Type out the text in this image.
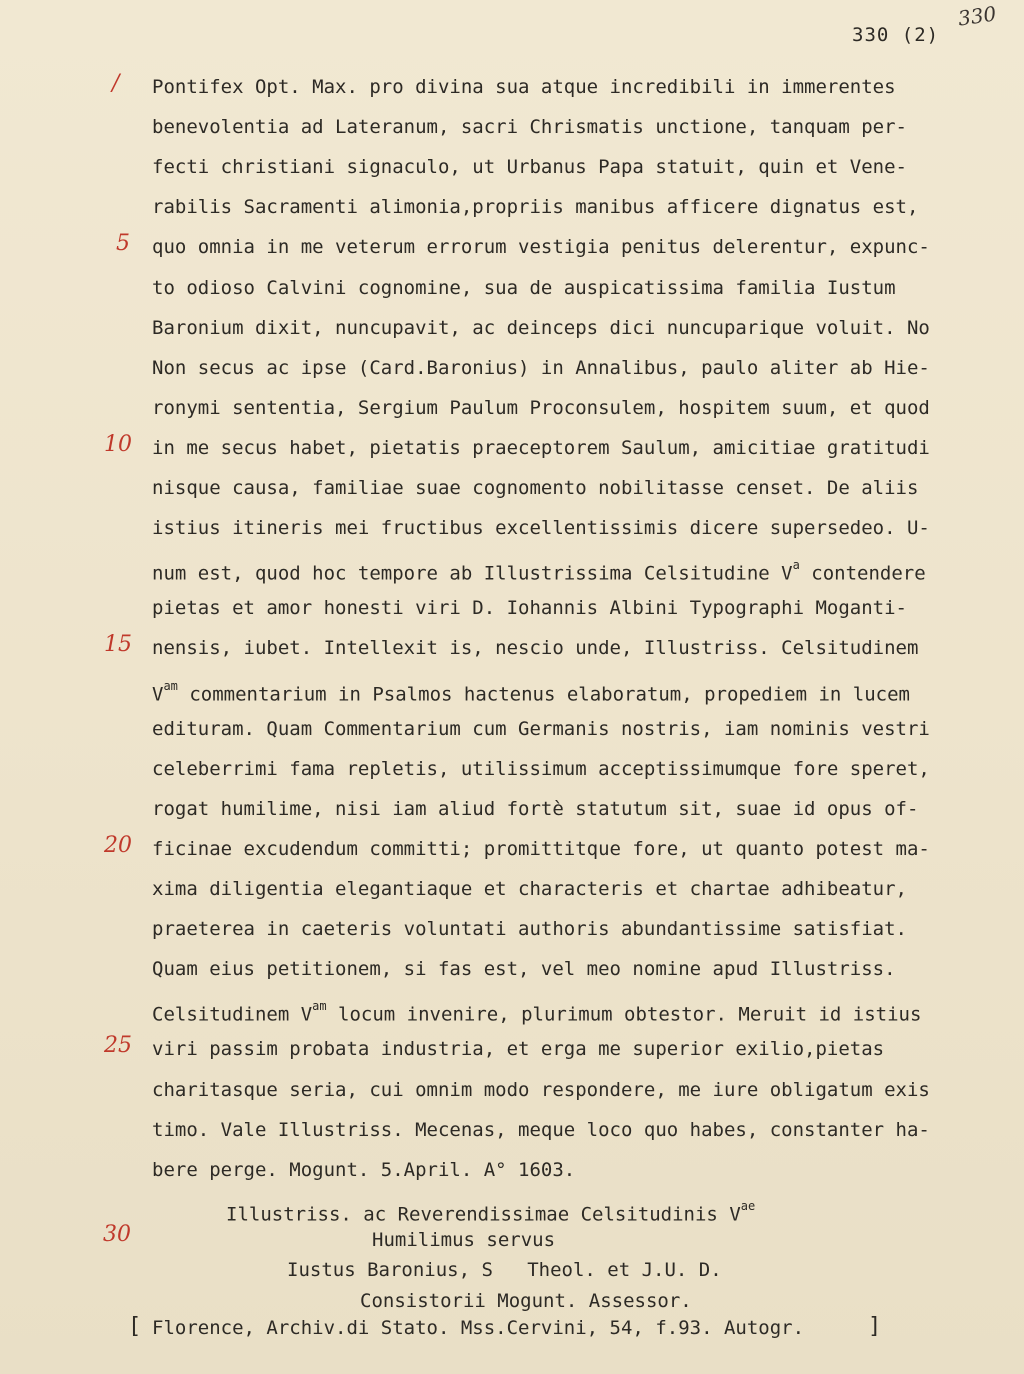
330 (2)
330
Pontifex Opt. Max. pro divina sua atque incredibili in immerentes
/
benevolentia ad Lateranum, sacri Chrismatis unctione, tanquam per-
fecti christiani signaculo, ut Urbanus Papa statuit, quin et Vene-
rabilis Sacramenti alimonia,propriis manibus afficere dignatus est,
quo omnia in me veterum errorum vestigia penitus delerentur, expunc-
5
to odioso Calvini cognomine, sua de auspicatissima familia Iustum
Baronium dixit, nuncupavit, ac deinceps dici nuncuparique voluit. No
Non secus ac ipse (Card.Baronius) in Annalibus, paulo aliter ab Hie-
ronymi sententia, Sergium Paulum Proconsulem, hospitem suum, et quod
in me secus habet, pietatis praeceptorem Saulum, amicitiae gratitudi
10
nisque causa, familiae suae cognomento nobilitasse censet. De aliis
istius itineris mei fructibus excellentissimis dicere supersedeo. U-
num est, quod hoc tempore ab Illustrissima Celsitudine $V^a$ contendere
pietas et amor honesti viri D. Iohannis Albini Typographi Moganti-
nensis, iubet. Intellexit is, nescio unde, Illustriss. Celsitudinem
15
$V^{am}$ commentarium in Psalmos hactenus elaboratum, propediem in lucem
edituram. Quam Commentarium cum Germanis nostris, iam nominis vestri
celeberrimi fama repletis, utilissimum acceptissimumque fore speret,
rogat humilime, nisi iam aliud fortè statutum sit, suae id opus of-
ficinae excudendum committi; promittitque fore, ut quanto potest ma-
20
xima diligentia elegantiaque et characteris et chartae adhibeatur,
praeterea in caeteris voluntati authoris abundantissime satisfiat.
Quam eius petitionem, si fas est, vel meo nomine apud Illustriss.
Celsitudinem $V^{am}$ locum invenire, plurimum obtestor. Meruit id istius
viri passim probata industria, et erga me superior exilio,pietas
25
charitasque seria, cui omnim modo respondere, me iure obligatum exis
timo. Vale Illustriss. Mecenas, meque loco quo habes, constanter ha-
bere perge. Mogunt. 5.April. A° 1603.
Illustriss. ac Reverendissimae Celsitudinis $V^{ae}$
30	Humilimus servus
Iustus Baronius, S   Theol. et J.U. D.
Consistorii Mogunt. Assessor.
[ Florence, Archiv.di Stato. Mss.Cervini, 54, f.93. Autogr.	]
